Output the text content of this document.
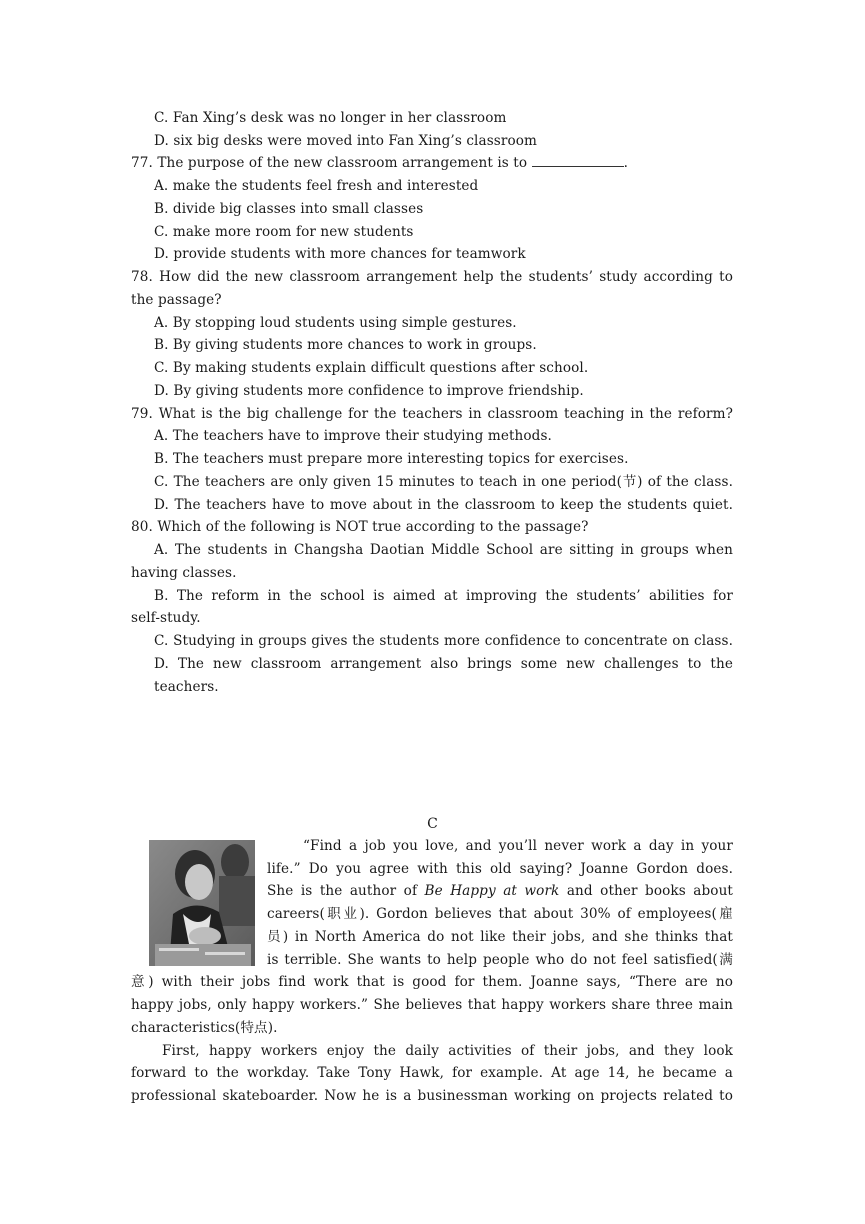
C. Fan Xing’s desk was no longer in her classroom
D. six big desks were moved into Fan Xing’s classroom
77. The purpose of the new classroom arrangement is to	.
A. make the students feel fresh and interested
B. divide big classes into small classes
C. make more room for new students
D. provide students with more chances for teamwork
78. How did the new classroom arrangement help the students’ study according to
the passage?
A. By stopping loud students using simple gestures.
B. By giving students more chances to work in groups.
C. By making students explain difficult questions after school.
D. By giving students more confidence to improve friendship.
79. What is the big challenge for the teachers in classroom teaching in the reform?
A. The teachers have to improve their studying methods.
B. The teachers must prepare more interesting topics for exercises.
C. The teachers are only given 15 minutes to teach in one period(节) of the class.
D. The teachers have to move about in the classroom to keep the students quiet.
80. Which of the following is NOT true according to the passage?
A. The students in Changsha Daotian Middle School are sitting in groups when
having classes.
B. The reform in the school is aimed at improving the students’ abilities for
self-study.
C. Studying in groups gives the students more confidence to concentrate on class.
D. The new classroom arrangement also brings some new challenges to the teachers.
C
“Find a job you love, and you’ll never work a day in your
life.” Do you agree with this old saying? Joanne Gordon does.
She is the author of Be Happy at work and other books about
careers(职业). Gordon believes that about 30% of employees(雇
员) in North America do not like their jobs, and she thinks that
is terrible. She wants to help people who do not feel satisfied(满
意) with their jobs find work that is good for them. Joanne says, “There are no
happy jobs, only happy workers.” She believes that happy workers share three main
characteristics(特点).
First, happy workers enjoy the daily activities of their jobs, and they look
forward to the workday. Take Tony Hawk, for example. At age 14, he became a
professional skateboarder. Now he is a businessman working on projects related to
